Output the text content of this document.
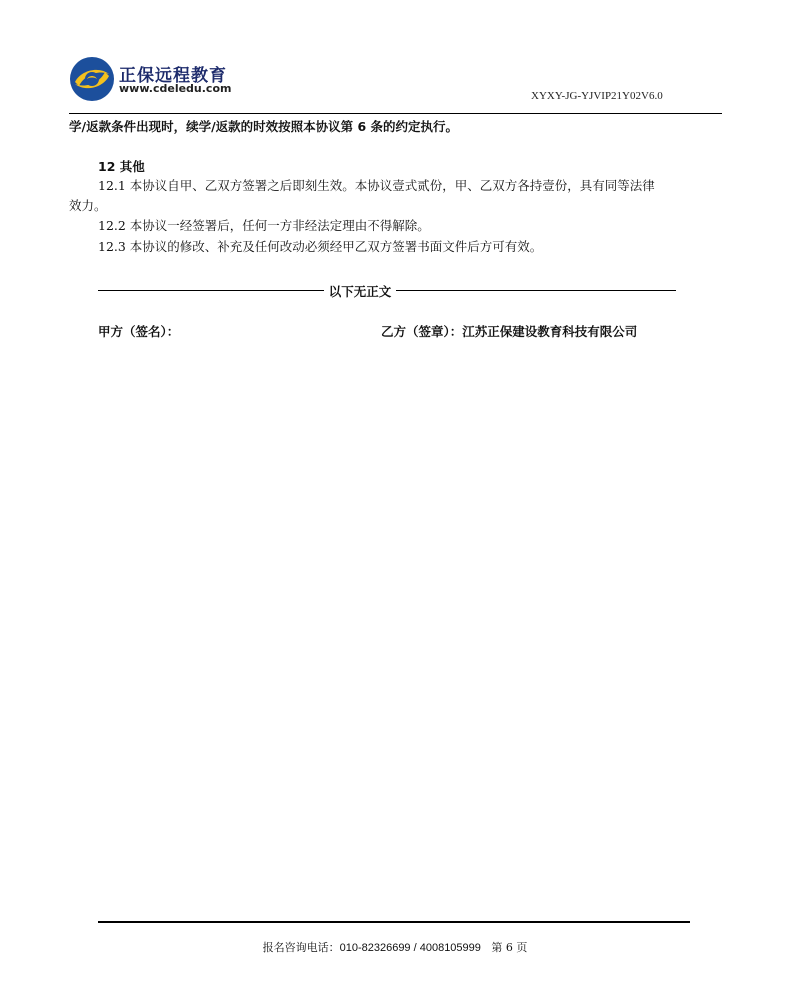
正保远程教育
www.cdeledu.com
XYXY-JG-YJVIP21Y02V6.0
学/返款条件出现时，续学/返款的时效按照本协议第 6 条的约定执行。
12 其他
12.1 本协议自甲、乙双方签署之后即刻生效。本协议壹式贰份，甲、乙双方各持壹份，具有同等法律
效力。
12.2 本协议一经签署后，任何一方非经法定理由不得解除。
12.3 本协议的修改、补充及任何改动必须经甲乙双方签署书面文件后方可有效。
以下无正文
甲方（签名）：	乙方（签章）：江苏正保建设教育科技有限公司
报名咨询电话：010-82326699 / 4008105999 第 6 页
